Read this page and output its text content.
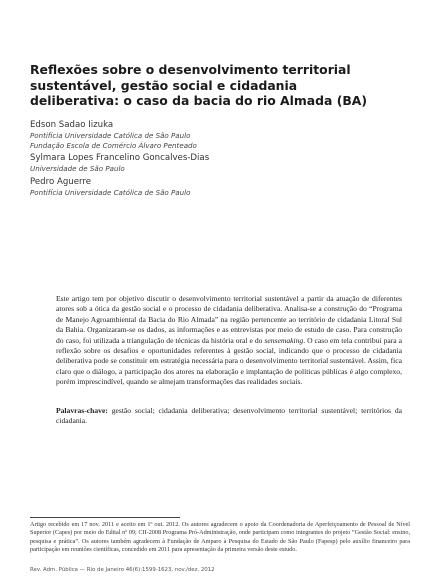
Reflexões sobre o desenvolvimento territorial sustentável, gestão social e cidadania deliberativa: o caso da bacia do rio Almada (BA)
Edson Sadao Iizuka
Pontifícia Universidade Católica de São Paulo
Fundação Escola de Comércio Álvaro Penteado
Sylmara Lopes Francelino Goncalves-Dias
Universidade de São Paulo
Pedro Aguerre
Pontifícia Universidade Católica de São Paulo

Este artigo tem por objetivo discutir o desenvolvimento territorial sustentável a partir da atuação de diferentes atores sob a ótica da gestão social e o processo de cidadania deliberativa. Analisa-se a construção do “Programa de Manejo Agroambiental da Bacia do Rio Almada” na região pertencente ao território de cidadania Litoral Sul da Bahia. Organizaram-se os dados, as informações e as entrevistas por meio de estudo de caso. Para construção do caso, foi utilizada a triangulação de técnicas da história oral e do sensemaking. O caso em tela contribui para a reflexão sobre os desafios e oportunidades referentes à gestão social, indicando que o processo de cidadania deliberativa pode se constituir em estratégia necessária para o desenvolvimento territorial sustentável. Assim, fica claro que o diálogo, a participação dos atores na elaboração e implantação de políticas públicas é algo complexo, porém imprescindível, quando se almejam transformações das realidades sociais.

Palavras-chave: gestão social; cidadania deliberativa; desenvolvimento territorial sustentável; territórios da cidadania.

Artigo recebido em 17 nov. 2011 e aceito em 1º out. 2012. Os autores agradecem o apoio da Coordenadoria de Aperfeiçoamento de Pessoal de Nível Superior (Capes) por meio do Edital nº 09; CII-2008 Programa Pró-Administração, onde participam como integrantes do projeto “Gestão Social: ensino, pesquisa e prática”. Os autores também agradecem à Fundação de Amparo à Pesquisa do Estado de São Paulo (Fapesp) pelo auxílio financeiro para participação em reuniões científicas, concedido em 2011 para apresentação da primeira versão deste estudo.

Rev. Adm. Pública — Rio de Janeiro 46(6):1599-1623, nov./dez. 2012
